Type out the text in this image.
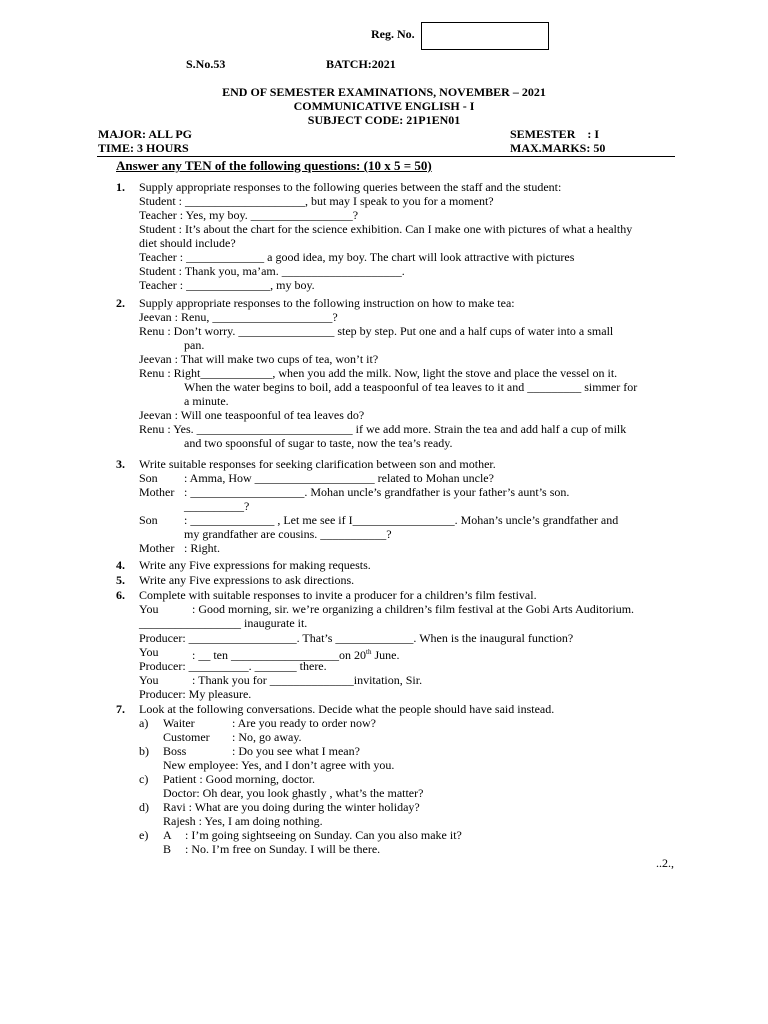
Reg. No.
S.No.53	BATCH:2021
END OF SEMESTER EXAMINATIONS, NOVEMBER – 2021
COMMUNICATIVE ENGLISH - I
SUBJECT CODE: 21P1EN01
MAJOR: ALL PG	SEMESTER    : I
TIME: 3 HOURS	MAX.MARKS: 50
Answer any TEN of the following questions: (10 x 5 = 50)
1. Supply appropriate responses to the following queries between the staff and the student:
Student : ____________________, but may I speak to you for a moment?
Teacher : Yes, my boy. _________________?
Student : It’s about the chart for the science exhibition. Can I make one with pictures of what a healthy
diet should include?
Teacher : _____________ a good idea, my boy. The chart will look attractive with pictures
Student : Thank you, ma’am. ____________________.
Teacher : ______________, my boy.
2. Supply appropriate responses to the following instruction on how to make tea:
Jeevan : Renu, ____________________?
Renu : Don’t worry. ________________ step by step. Put one and a half cups of water into a small
pan.
Jeevan : That will make two cups of tea, won’t it?
Renu : Right____________, when you add the milk. Now, light the stove and place the vessel on it.
When the water begins to boil, add a teaspoonful of tea leaves to it and _________ simmer for
a minute.
Jeevan : Will one teaspoonful of tea leaves do?
Renu : Yes. __________________________ if we add more. Strain the tea and add half a cup of milk
and two spoonsful of sugar to taste, now the tea’s ready.
3. Write suitable responses for seeking clarification between son and mother.
Son : Amma, How ____________________ related to Mohan uncle?
Mother : ___________________. Mohan uncle’s grandfather is your father’s aunt’s son.
__________?
Son : ______________ , Let me see if I_________________. Mohan’s uncle’s grandfather and
my grandfather are cousins. ___________?
Mother : Right.
4. Write any Five expressions for making requests.
5. Write any Five expressions to ask directions.
6. Complete with suitable responses to invite a producer for a children’s film festival.
You	: Good morning, sir. we’re organizing a children’s film festival at the Gobi Arts Auditorium.
_________________ inaugurate it.
Producer: __________________. That’s _____________. When is the inaugural function?
You	: __ ten __________________on 20th June.
Producer: __________. _______ there.
You	: Thank you for ______________invitation, Sir.
Producer: My pleasure.
7. Look at the following conversations. Decide what the people should have said instead.
a) Waiter	: Are you ready to order now?
Customer : No, go away.
b) Boss	: Do you see what I mean?
New employee: Yes, and I don’t agree with you.
c) Patient : Good morning, doctor.
Doctor: Oh dear, you look ghastly , what’s the matter?
d) Ravi : What are you doing during the winter holiday?
Rajesh : Yes, I am doing nothing.
e) A : I’m going sightseeing on Sunday. Can you also make it?
B : No. I’m free on Sunday. I will be there.
..2.,
